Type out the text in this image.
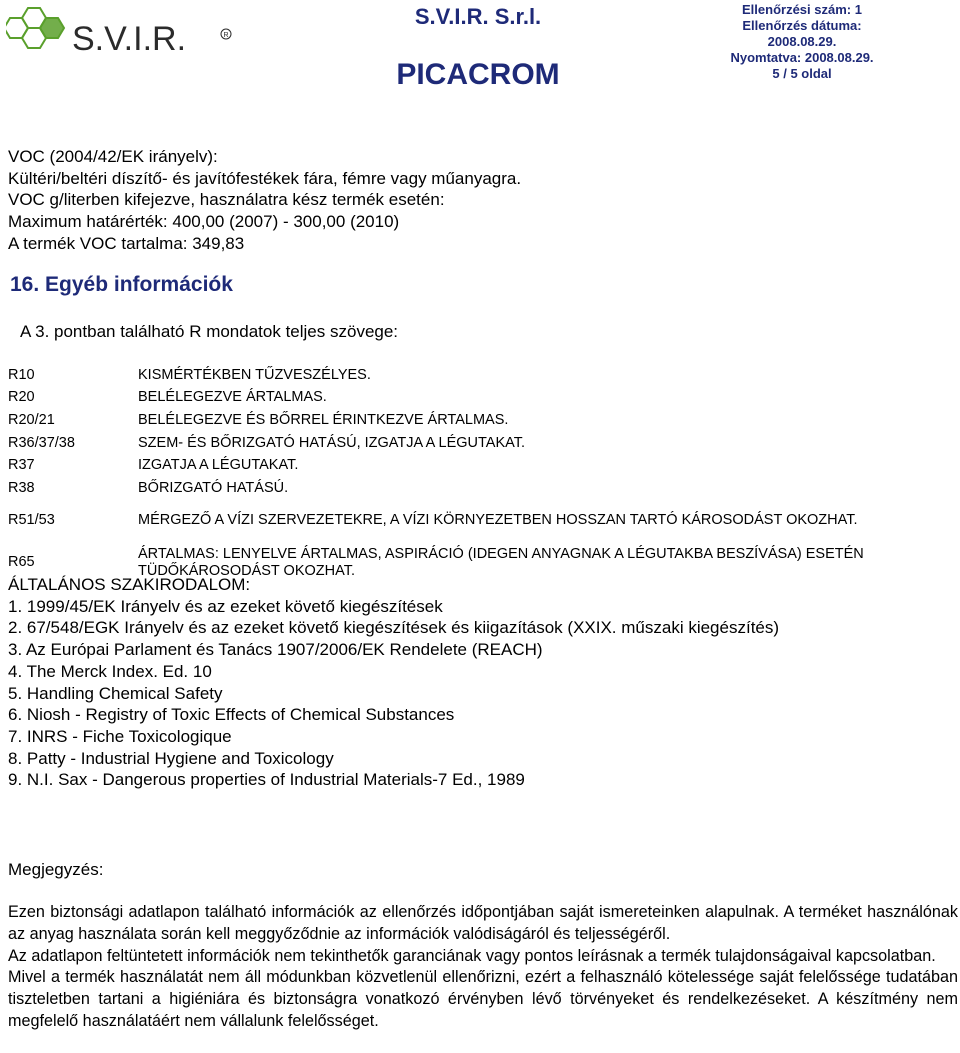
S.V.I.R.	R
S.V.I.R. S.r.l.
PICACROM
Ellenőrzési szám: 1
Ellenőrzés dátuma:
2008.08.29.
Nyomtatva: 2008.08.29.
5 / 5 oldal
VOC (2004/42/EK irányelv):
Kültéri/beltéri díszítő- és javítófestékek fára, fémre vagy műanyagra.
VOC g/literben kifejezve, használatra kész termék esetén:
Maximum határérték: 400,00 (2007) - 300,00 (2010)
A termék VOC tartalma: 349,83
16. Egyéb információk
A 3. pontban található R mondatok teljes szövege:
R10	KISMÉRTÉKBEN TŰZVESZÉLYES.
R20	BELÉLEGEZVE ÁRTALMAS.
R20/21	BELÉLEGEZVE ÉS BŐRREL ÉRINTKEZVE ÁRTALMAS.
R36/37/38	SZEM- ÉS BŐRIZGATÓ HATÁSÚ, IZGATJA A LÉGUTAKAT.
R37	IZGATJA A LÉGUTAKAT.
R38	BŐRIZGATÓ HATÁSÚ.
R51/53	MÉRGEZŐ A VÍZI SZERVEZETEKRE, A VÍZI KÖRNYEZETBEN HOSSZAN TARTÓ KÁROSODÁST OKOZHAT.
R65	ÁRTALMAS: LENYELVE ÁRTALMAS, ASPIRÁCIÓ (IDEGEN ANYAGNAK A LÉGUTAKBA BESZÍVÁSA) ESETÉN TÜDŐKÁROSODÁST OKOZHAT.
ÁLTALÁNOS SZAKIRODALOM:
1. 1999/45/EK Irányelv és az ezeket követő kiegészítések
2. 67/548/EGK Irányelv és az ezeket követő kiegészítések és kiigazítások (XXIX. műszaki kiegészítés)
3. Az Európai Parlament és Tanács 1907/2006/EK Rendelete (REACH)
4. The Merck Index. Ed. 10
5. Handling Chemical Safety
6. Niosh - Registry of Toxic Effects of Chemical Substances
7. INRS - Fiche Toxicologique
8. Patty - Industrial Hygiene and Toxicology
9. N.I. Sax - Dangerous properties of Industrial Materials-7 Ed., 1989
Megjegyzés:

Ezen biztonsági adatlapon található információk az ellenőrzés időpontjában saját ismereteinken alapulnak. A terméket használónak az anyag használata során kell meggyőződnie az információk valódiságáról és teljességéről.

Az adatlapon feltüntetett információk nem tekinthetők garanciának vagy pontos leírásnak a termék tulajdonságaival kapcsolatban.

Mivel a termék használatát nem áll módunkban közvetlenül ellenőrizni, ezért a felhasználó kötelessége saját felelőssége tudatában tiszteletben tartani a higiéniára és biztonságra vonatkozó érvényben lévő törvényeket és rendelkezéseket. A készítmény nem megfelelő használatáért nem vállalunk felelősséget.
